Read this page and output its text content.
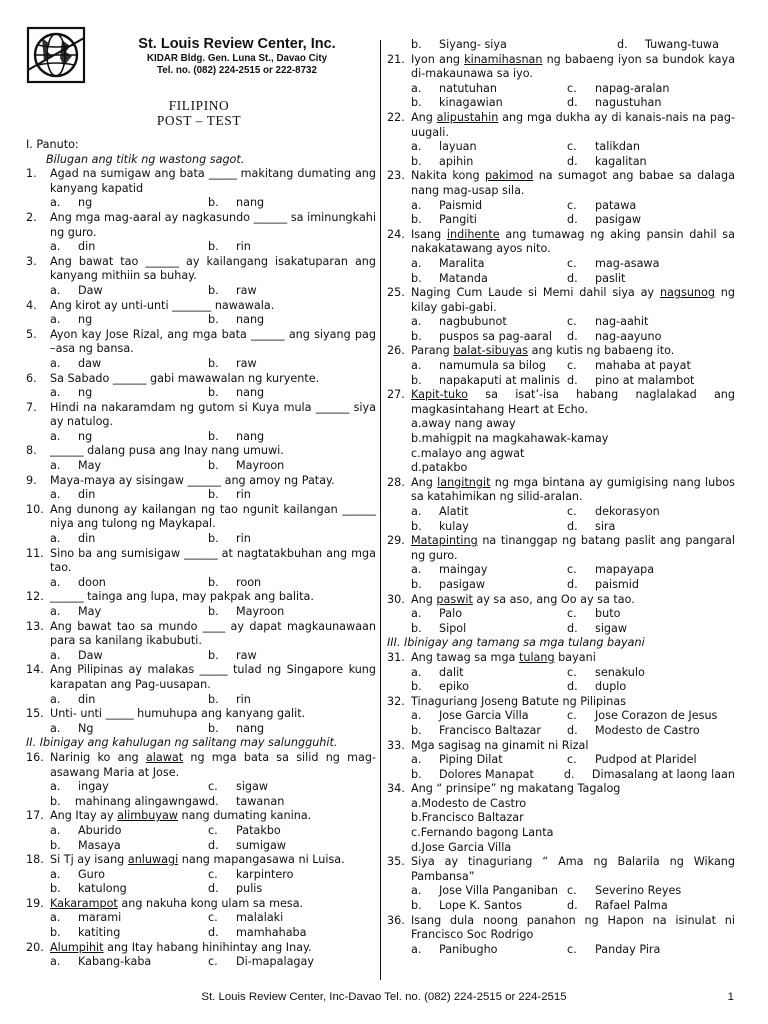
St. Louis Review Center, Inc.
KIDAR Bldg. Gen. Luna St., Davao City
Tel. no. (082) 224-2515 or 222-8732
FILIPINO
POST – TEST
I. Panuto:
Bilugan ang titik ng wastong sagot.
1.	Agad na sumigaw ang bata _____ makitang dumating ang kanyang kapatid
a.	ng	b.	nang
2.	Ang mga mag-aaral ay nagkasundo ______ sa iminungkahi ng guro.
a.	din	b.	rin
3.	Ang bawat tao ______ ay kailangang isakatuparan ang kanyang mithiin sa buhay.
a.	Daw	b.	raw
4.	Ang kirot ay unti-unti _______ nawawala.
a.	ng	b.	nang
5.	Ayon kay Jose Rizal, ang mga bata ______ ang siyang pag –asa ng bansa.
a.	daw	b.	raw
6.	Sa Sabado ______ gabi mawawalan ng kuryente.
a.	ng	b.	nang
7.	Hindi na nakaramdam ng gutom si Kuya mula ______ siya ay natulog.
a.	ng	b.	nang
8.	______ dalang pusa ang Inay nang umuwi.
a.	May	b.	Mayroon
9.	Maya-maya ay sisingaw ______ ang amoy ng Patay.
a.	din	b.	rin
10. Ang dunong ay kailangan ng tao ngunit kailangan ______ niya ang tulong ng Maykapal.
a.	din	b.	rin
11. Sino ba ang sumisigaw ______ at nagtatakbuhan ang mga tao.
a.	doon	b.	roon
12. ______ tainga ang lupa, may pakpak ang balita.
a.	May	b.	Mayroon
13. Ang bawat tao sa mundo ____ ay dapat magkaunawaan para sa kanilang ikabubuti.
a.	Daw	b.	raw
14. Ang Pilipinas ay malakas _____ tulad ng Singapore kung karapatan ang Pag-uusapan.
a.	din	b.	rin
15. Unti- unti _____ humuhupa ang kanyang galit.
a.	Ng	b.	nang
II. Ibinigay ang kahulugan ng salitang may salungguhit.
16. Narinig ko ang alawat ng mga bata sa silid ng mag-asawang Maria at Jose.
a.	ingay	c.	sigaw
b.	mahinang alingawngaw d.	tawanan
17. Ang Itay ay alimbuyaw nang dumating kanina.
a.	Aburido	c.	Patakbo
b.	Masaya	d.	sumigaw
18. Si Tj ay isang anluwagi nang mapangasawa ni Luisa.
a.	Guro	c.	karpintero
b.	katulong	d.	pulis
19. Kakarampot ang nakuha kong ulam sa mesa.
a.	marami	c.	malalaki
b.	katiting	d.	mamhahaba
20. Alumpihit ang Itay habang hinihintay ang Inay.
a.	Kabang-kaba	c.	Di-mapalagay
b.	Siyang- siya	d.	Tuwang-tuwa
21. Iyon ang kinamihasnan ng babaeng iyon sa bundok kaya di-makaunawa sa iyo.
a.	natutuhan	c.	napag-aralan
b.	kinagawian	d.	nagustuhan
22. Ang alipustahin ang mga dukha ay di kanais-nais na pag-uugali.
a.	layuan	c.	talikdan
b.	apihin	d.	kagalitan
23. Nakita kong pakimod na sumagot ang babae sa dalaga nang mag-usap sila.
a.	Paismid	c.	patawa
b.	Pangiti	d.	pasigaw
24. Isang indihente ang tumawag ng aking pansin dahil sa nakakatawang ayos nito.
a.	Maralita	c.	mag-asawa
b.	Matanda	d.	paslit
25. Naging Cum Laude si Memi dahil siya ay nagsunog ng kilay gabi-gabi.
a.	nagbubunot	c.	nag-aahit
b.	puspos sa pag-aaral d.	nag-aayuno
26. Parang balat-sibuyas ang kutis ng babaeng ito.
a.	namumula sa bilog c.	mahaba at payat
b.	napakaputi at malinis d.	pino at malambot
27. Kapit-tuko sa isat’-isa habang naglalakad ang magkasintahang Heart at Echo.
a. away nang away
b. mahigpit na magkahawak-kamay
c. malayo ang agwat
d. patakbo
28. Ang langitngit ng mga bintana ay gumigising nang lubos sa katahimikan ng silid-aralan.
a.	Alatit	c.	dekorasyon
b.	kulay	d.	sira
29. Matapinting na tinanggap ng batang paslit ang pangaral ng guro.
a.	maingay	c.	mapayapa
b.	pasigaw	d.	paismid
30. Ang paswit ay sa aso, ang Oo ay sa tao.
a.	Palo	c.	buto
b.	Sipol	d.	sigaw
III. Ibinigay ang tamang sa mga tulang bayani
31. Ang tawag sa mga tulang bayani
a.	dalit	c.	senakulo
b.	epiko	d.	duplo
32. Tinaguriang Joseng Batute ng Pilipinas
a.	Jose Garcia Villa	c.	Jose Corazon de Jesus
b.	Francisco Baltazar d.	Modesto de Castro
33. Mga sagisag na ginamit ni Rizal
a.	Piping Dilat	c.	Pudpod at Plaridel
b.	Dolores Manapat	d.	Dimasalang at laong laan
34. Ang “ prinsipe” ng makatang Tagalog
a. Modesto de Castro
b. Francisco Baltazar
c. Fernando bagong Lanta
d. Jose Garcia Villa
35. Siya ay tinaguriang “ Ama ng Balarila ng Wikang Pambansa”
a.	Jose Villa Panganiban c.	Severino Reyes
b.	Lope K. Santos	d.	Rafael Palma
36. Isang dula noong panahon ng Hapon na isinulat ni Francisco Soc Rodrigo
a.	Panibugho	c.	Panday Pira
St. Louis Review Center, Inc-Davao Tel. no. (082) 224-2515 or 224-2515	1
